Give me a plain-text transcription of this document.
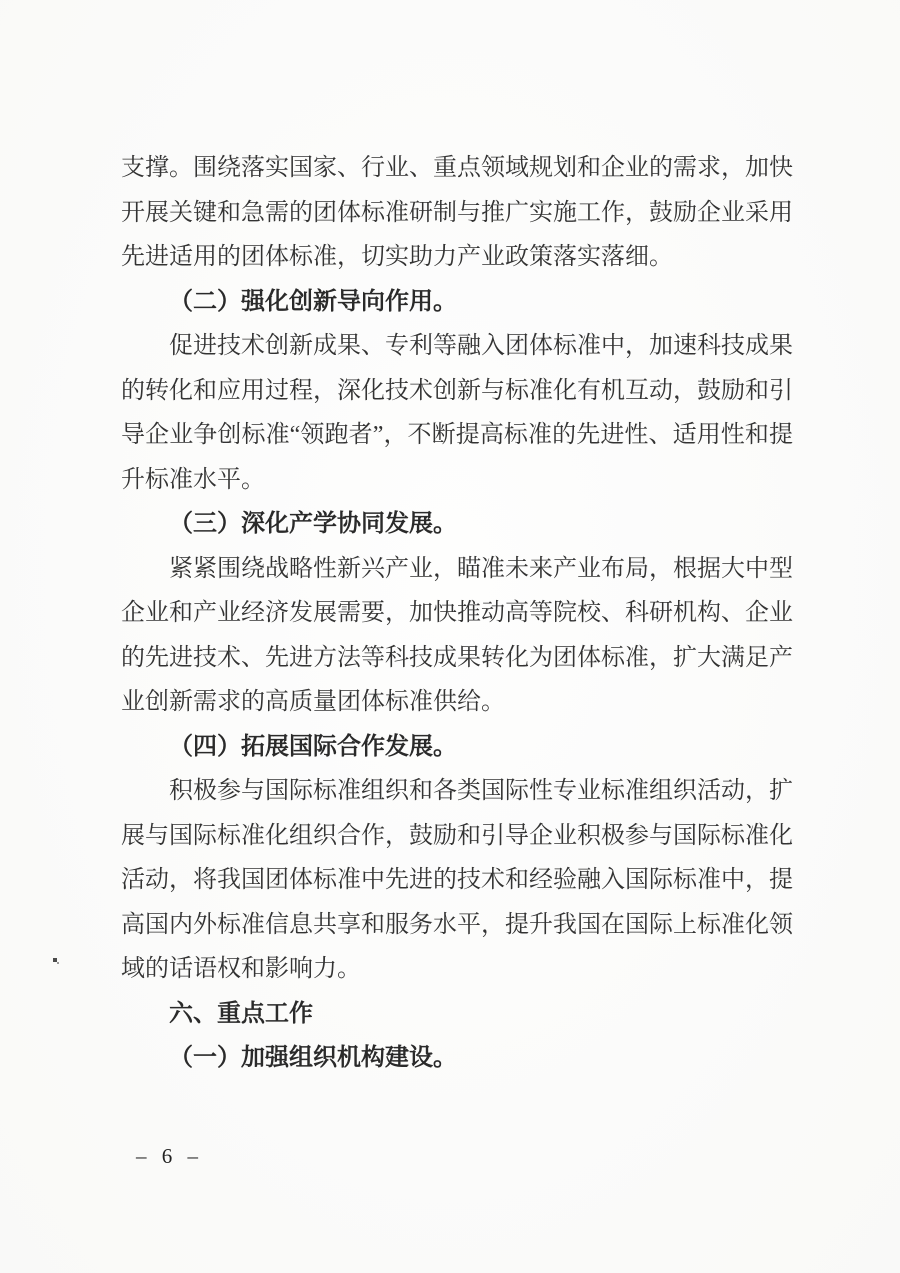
支撑。围绕落实国家、行业、重点领域规划和企业的需求，加快开展关键和急需的团体标准研制与推广实施工作，鼓励企业采用先进适用的团体标准，切实助力产业政策落实落细。

（二）强化创新导向作用。

促进技术创新成果、专利等融入团体标准中，加速科技成果的转化和应用过程，深化技术创新与标准化有机互动，鼓励和引导企业争创标准“领跑者”，不断提高标准的先进性、适用性和提升标准水平。

（三）深化产学协同发展。

紧紧围绕战略性新兴产业，瞄准未来产业布局，根据大中型企业和产业经济发展需要，加快推动高等院校、科研机构、企业的先进技术、先进方法等科技成果转化为团体标准，扩大满足产业创新需求的高质量团体标准供给。

（四）拓展国际合作发展。

积极参与国际标准组织和各类国际性专业标准组织活动，扩展与国际标准化组织合作，鼓励和引导企业积极参与国际标准化活动，将我国团体标准中先进的技术和经验融入国际标准中，提高国内外标准信息共享和服务水平，提升我国在国际上标准化领域的话语权和影响力。

六、重点工作

（一）加强组织机构建设。

– 6 –
